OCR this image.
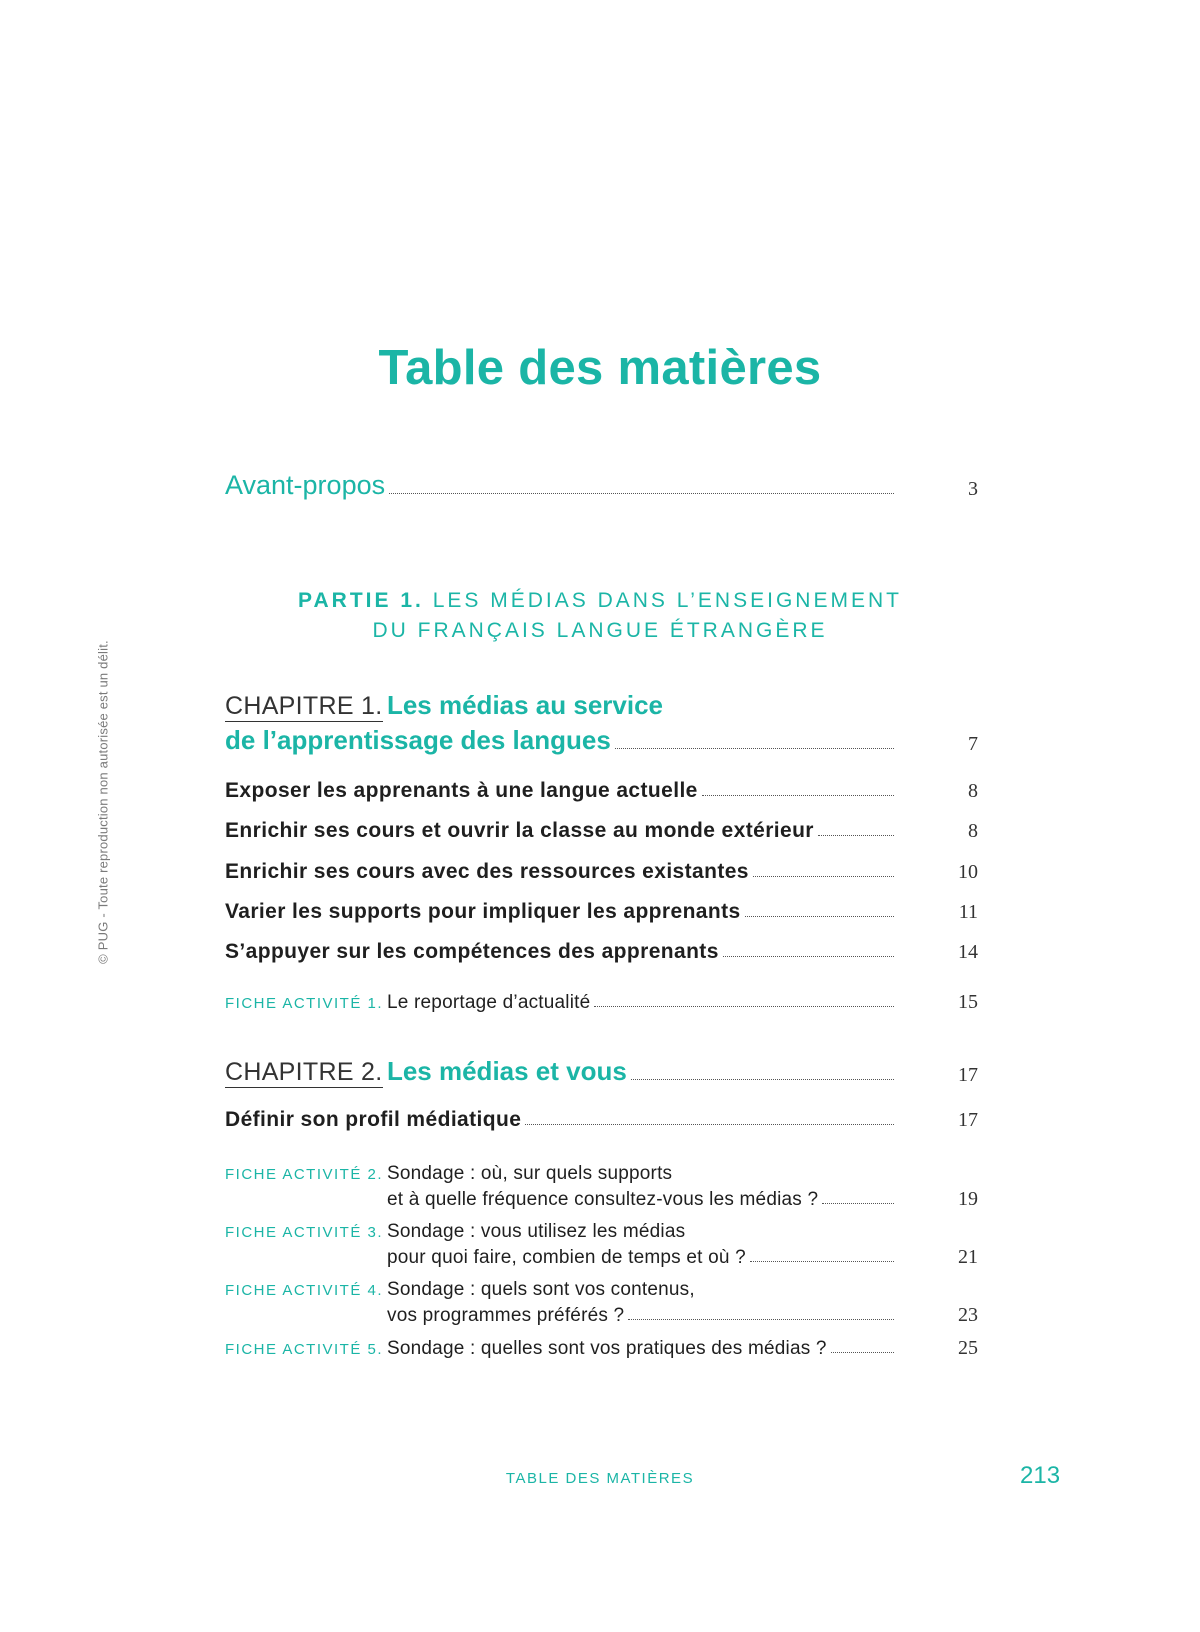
© PUG - Toute reproduction non autorisée est un délit.
Table des matières
Avant-propos	3
PARTIE 1. LES MÉDIAS DANS L’ENSEIGNEMENT
DU FRANÇAIS LANGUE ÉTRANGÈRE
CHAPITRE 1. Les médias au service
de l’apprentissage des langues	7
Exposer les apprenants à une langue actuelle	8
Enrichir ses cours et ouvrir la classe au monde extérieur	8
Enrichir ses cours avec des ressources existantes	10
Varier les supports pour impliquer les apprenants	11
S’appuyer sur les compétences des apprenants	14
FICHE ACTIVITÉ 1. Le reportage d’actualité	15
CHAPITRE 2. Les médias et vous	17
Définir son profil médiatique	17
FICHE ACTIVITÉ 2. Sondage : où, sur quels supports
et à quelle fréquence consultez-vous les médias ?	19
FICHE ACTIVITÉ 3. Sondage : vous utilisez les médias
pour quoi faire, combien de temps et où ?	21
FICHE ACTIVITÉ 4. Sondage : quels sont vos contenus,
vos programmes préférés ?	23
FICHE ACTIVITÉ 5. Sondage : quelles sont vos pratiques des médias ?	25
TABLE DES MATIÈRES	213
